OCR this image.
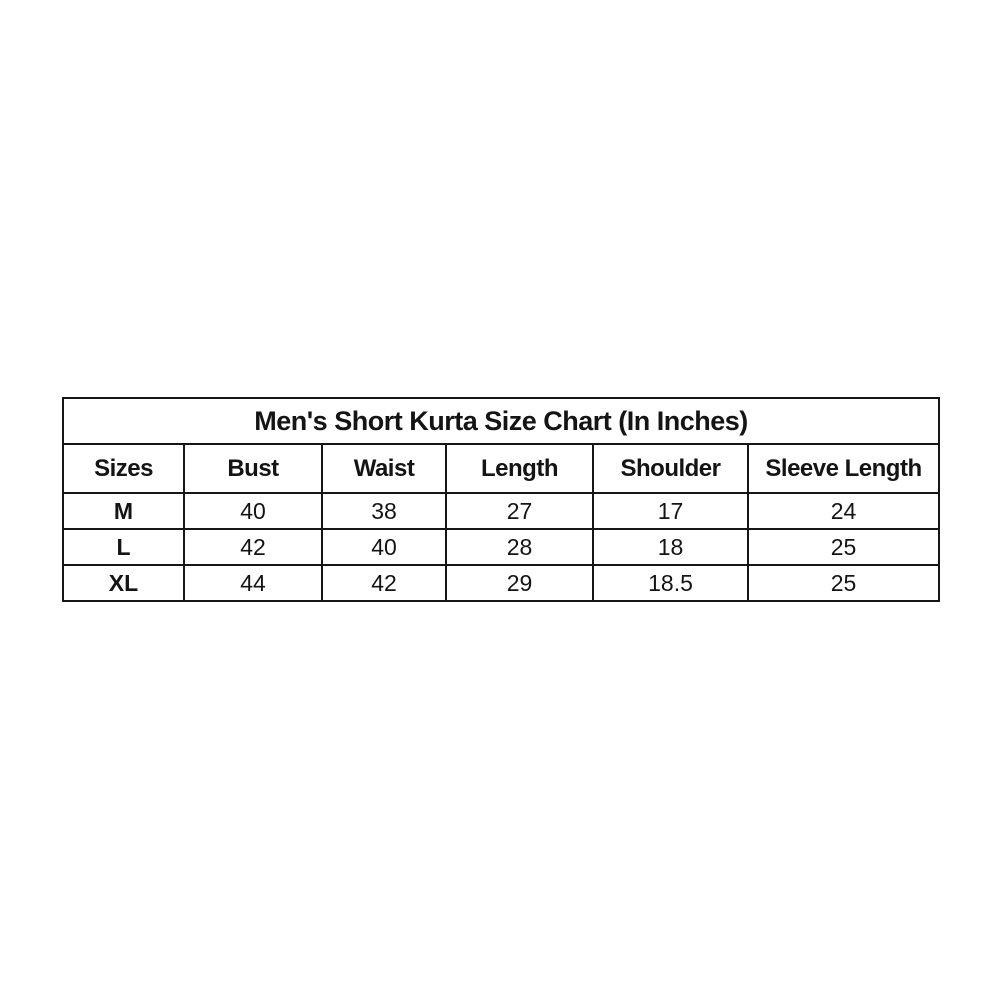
Men's Short Kurta Size Chart (In Inches)					
Sizes	Bust	Waist	Length	Shoulder	Sleeve Length
M	40	38	27	17	24
L	42	40	28	18	25
XL	44	42	29	18.5	25
